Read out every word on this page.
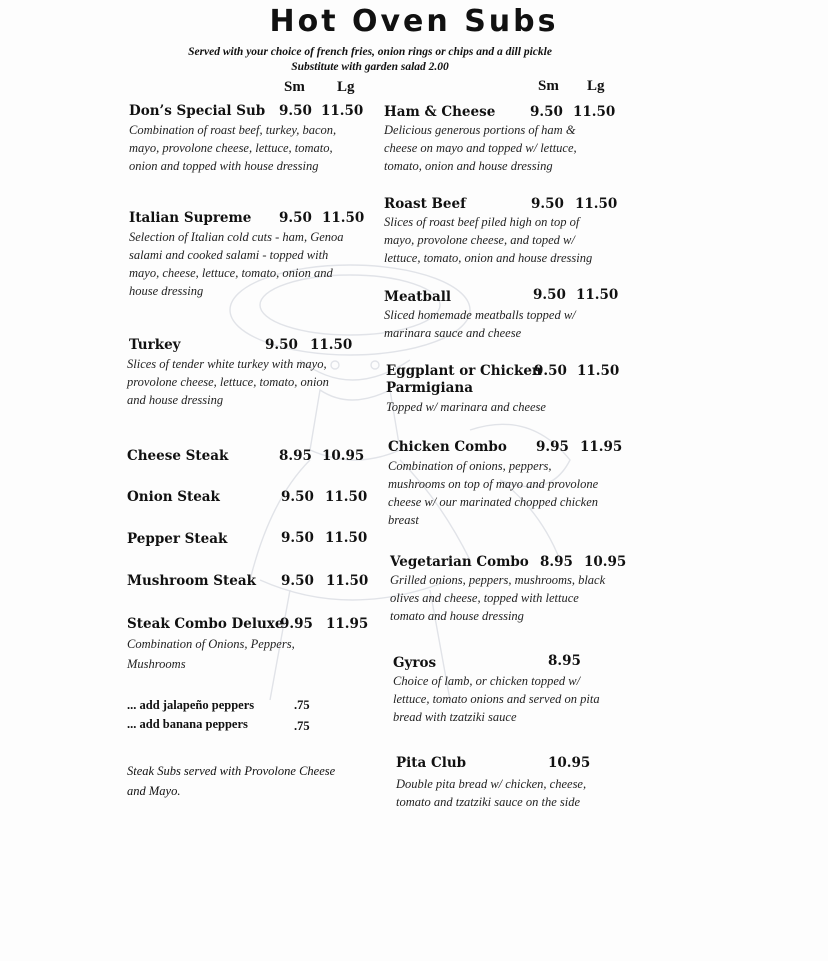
Hot Oven Subs
Served with your choice of french fries, onion rings or chips and a dill pickle
Substitute with garden salad 2.00
Sm Lg	Sm Lg
Don’s Special Sub 9.50 11.50
Combination of roast beef, turkey, bacon,
mayo, provolone cheese, lettuce, tomato,
onion and topped with house dressing
Italian Supreme 9.50 11.50
Selection of Italian cold cuts - ham, Genoa
salami and cooked salami - topped with
mayo, cheese, lettuce, tomato, onion and
house dressing
Turkey	9.50 11.50
Slices of tender white turkey with mayo,
provolone cheese, lettuce, tomato, onion
and house dressing
Cheese Steak	8.95 10.95
Onion Steak	9.50 11.50
Pepper Steak	9.50 11.50
Mushroom Steak 9.50 11.50
Steak Combo Deluxe
9.95 11.95
Combination of Onions, Peppers,
Mushrooms
... add jalapeño peppers	.75
... add banana peppers	.75
Steak Subs served with Provolone Cheese
and Mayo.
Ham & Cheese	9.50 11.50
Delicious generous portions of ham &
cheese on mayo and topped w/ lettuce,
tomato, onion and house dressing
Roast Beef	9.50 11.50
Slices of roast beef piled high on top of
mayo, provolone cheese, and toped w/
lettuce, tomato, onion and house dressing
Meatball	9.50 11.50
Sliced homemade meatballs topped w/
marinara sauce and cheese
Eggplant or Chicken
Parmigiana
9.50 11.50
Topped w/ marinara and cheese
Chicken Combo 9.95 11.95
Combination of onions, peppers,
mushrooms on top of mayo and provolone
cheese w/ our marinated chopped chicken
breast
Vegetarian Combo 8.95 10.95
Grilled onions, peppers, mushrooms, black
olives and cheese, topped with lettuce
tomato and house dressing
Gyros	8.95
Choice of lamb, or chicken topped w/
lettuce, tomato onions and served on pita
bread with tzatziki sauce
Pita Club	10.95
Double pita bread w/ chicken, cheese,
tomato and tzatziki sauce on the side
